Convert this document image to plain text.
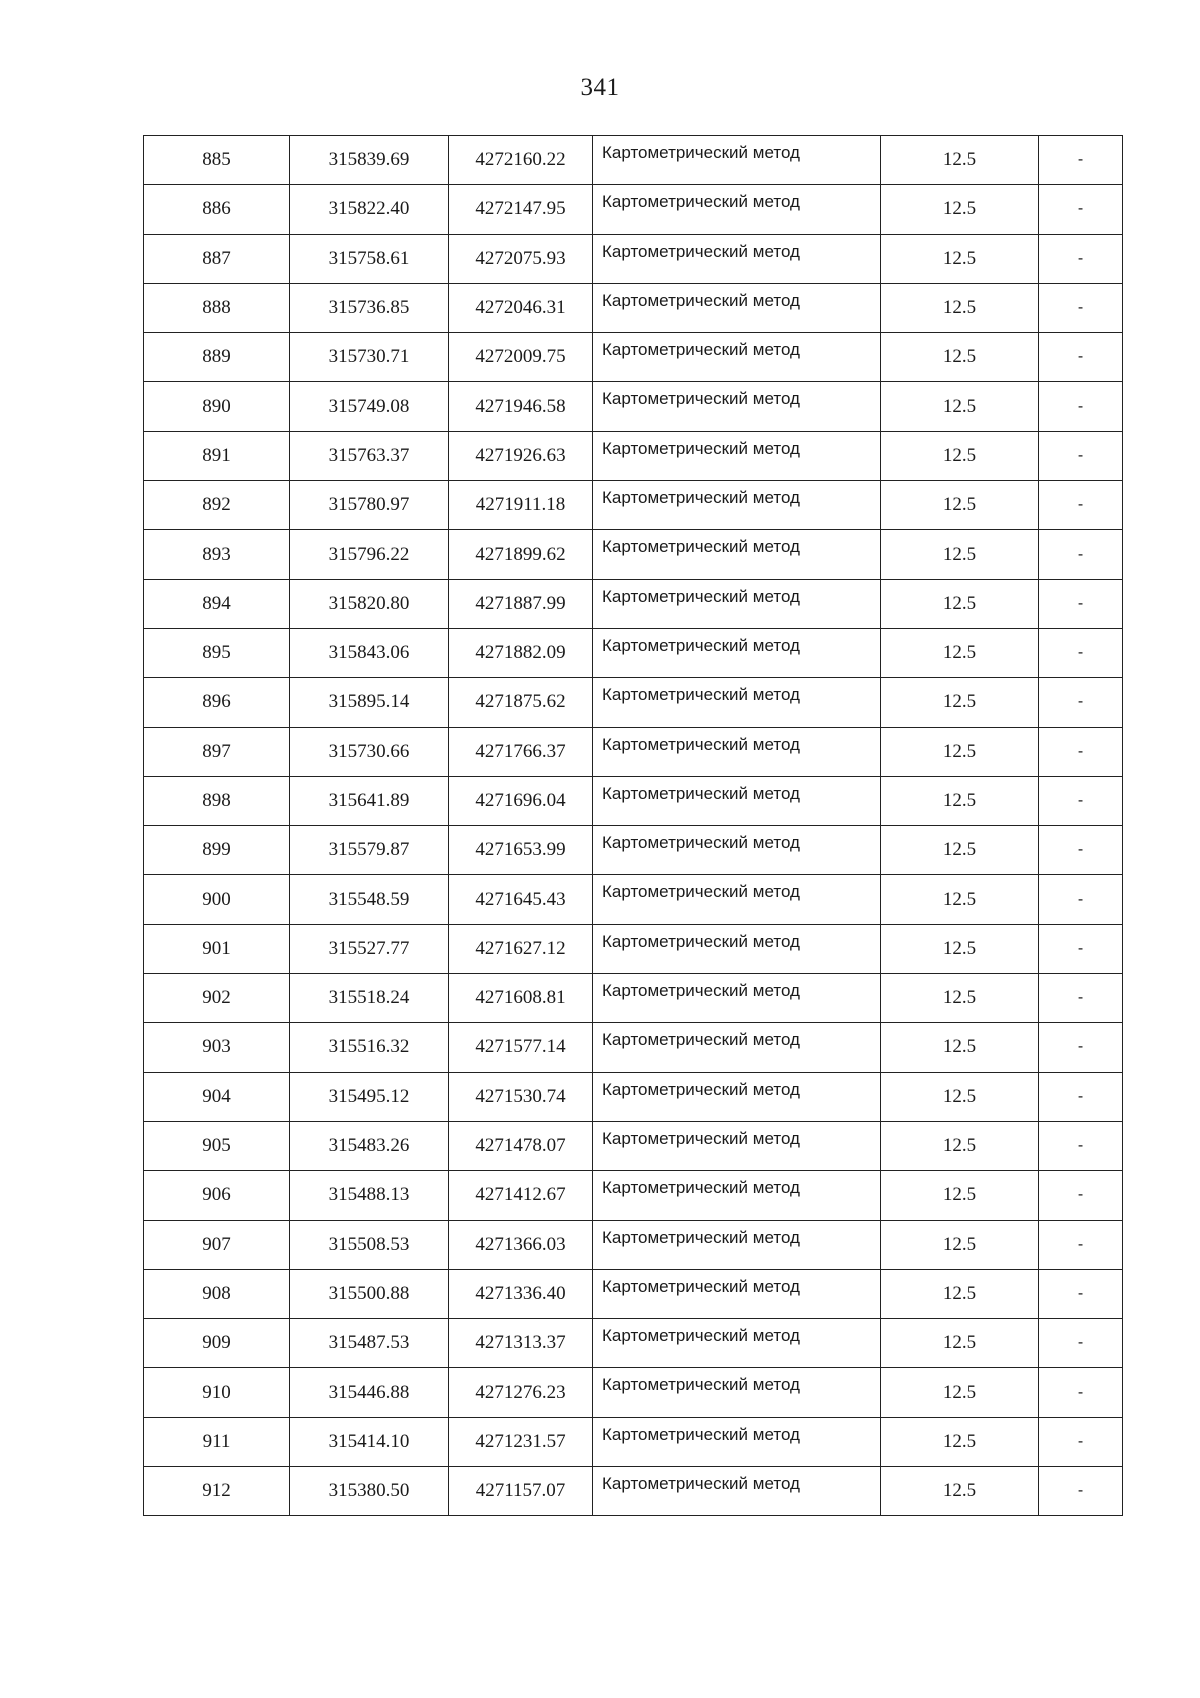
341
885	315839.69	4272160.22	Картометрический метод	12.5	-
886	315822.40	4272147.95	Картометрический метод	12.5	-
887	315758.61	4272075.93	Картометрический метод	12.5	-
888	315736.85	4272046.31	Картометрический метод	12.5	-
889	315730.71	4272009.75	Картометрический метод	12.5	-
890	315749.08	4271946.58	Картометрический метод	12.5	-
891	315763.37	4271926.63	Картометрический метод	12.5	-
892	315780.97	4271911.18	Картометрический метод	12.5	-
893	315796.22	4271899.62	Картометрический метод	12.5	-
894	315820.80	4271887.99	Картометрический метод	12.5	-
895	315843.06	4271882.09	Картометрический метод	12.5	-
896	315895.14	4271875.62	Картометрический метод	12.5	-
897	315730.66	4271766.37	Картометрический метод	12.5	-
898	315641.89	4271696.04	Картометрический метод	12.5	-
899	315579.87	4271653.99	Картометрический метод	12.5	-
900	315548.59	4271645.43	Картометрический метод	12.5	-
901	315527.77	4271627.12	Картометрический метод	12.5	-
902	315518.24	4271608.81	Картометрический метод	12.5	-
903	315516.32	4271577.14	Картометрический метод	12.5	-
904	315495.12	4271530.74	Картометрический метод	12.5	-
905	315483.26	4271478.07	Картометрический метод	12.5	-
906	315488.13	4271412.67	Картометрический метод	12.5	-
907	315508.53	4271366.03	Картометрический метод	12.5	-
908	315500.88	4271336.40	Картометрический метод	12.5	-
909	315487.53	4271313.37	Картометрический метод	12.5	-
910	315446.88	4271276.23	Картометрический метод	12.5	-
911	315414.10	4271231.57	Картометрический метод	12.5	-
912	315380.50	4271157.07	Картометрический метод	12.5	-
